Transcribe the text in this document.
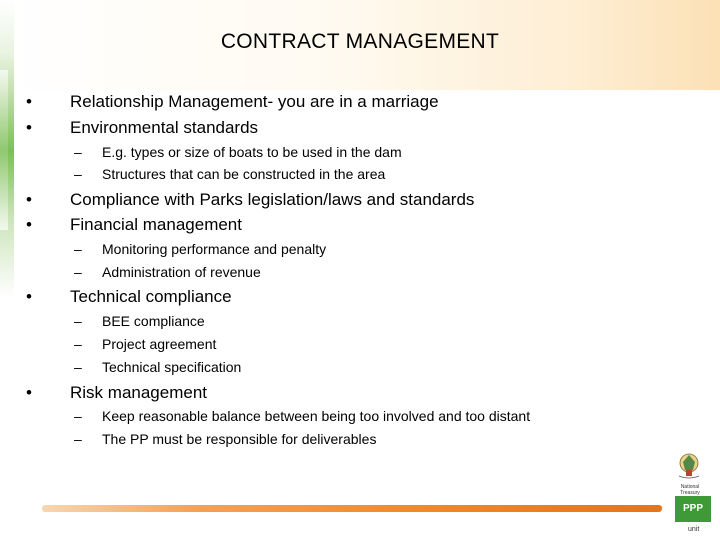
CONTRACT MANAGEMENT
• Relationship Management- you are in a marriage
• Environmental standards
– E.g. types or size of boats to be used in the dam
– Structures that can be constructed in the area
• Compliance with Parks legislation/laws and standards
• Financial management
– Monitoring performance and penalty
– Administration of revenue
• Technical compliance
– BEE compliance
– Project agreement
– Technical specification
• Risk management
– Keep reasonable balance between being too involved and too distant
– The PP must be responsible for deliverables
National Treasury
PPP
unit
